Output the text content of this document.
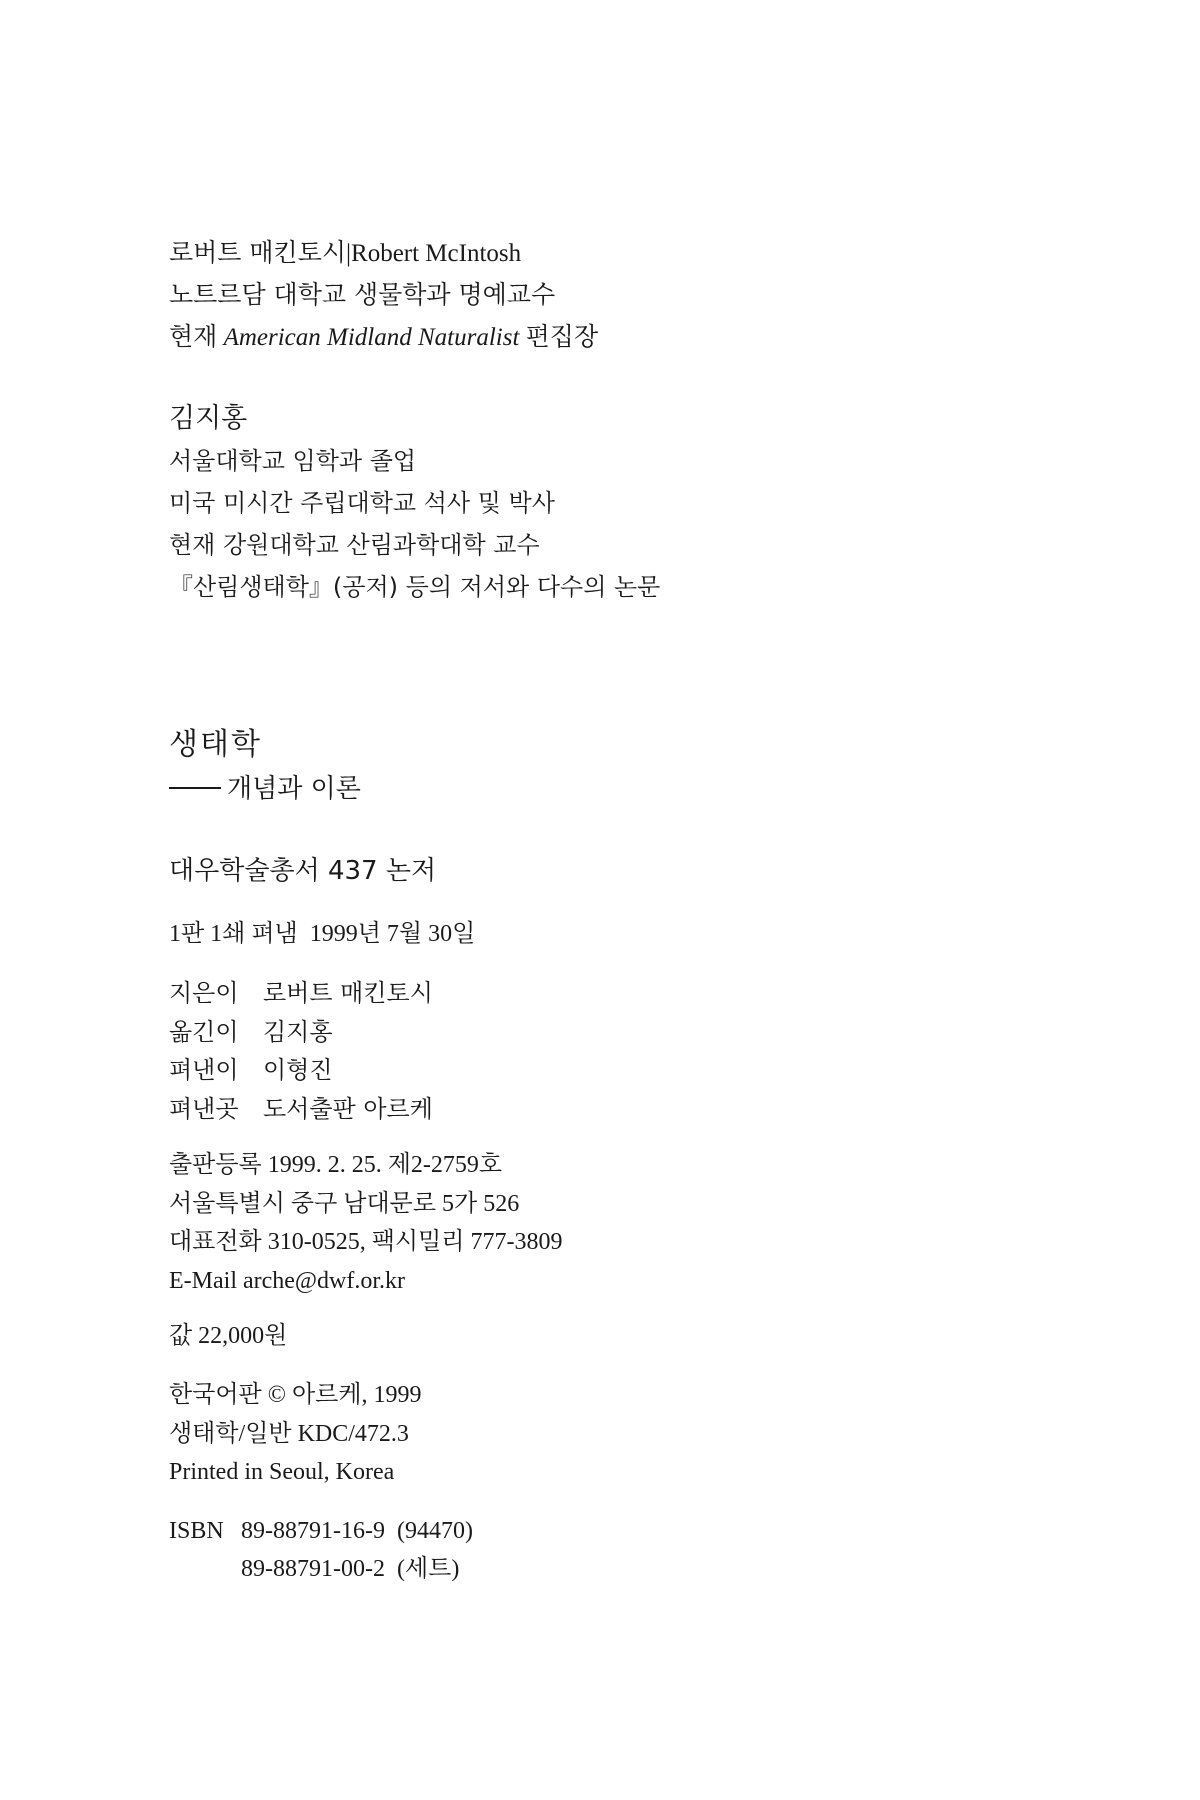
로버트 매킨토시|Robert McIntosh
노트르담 대학교 생물학과 명예교수
현재 American Midland Naturalist 편집장
김지홍
서울대학교 임학과 졸업
미국 미시간 주립대학교 석사 및 박사
현재 강원대학교 산림과학대학 교수
『산림생태학』(공저) 등의 저서와 다수의 논문
생태학
개념과 이론
대우학술총서 437 논저
1판 1쇄 펴냄  1999년 7월 30일
지은이 로버트 매킨토시
옮긴이 김지홍
펴낸이 이형진
펴낸곳 도서출판 아르케
출판등록 1999. 2. 25. 제2-2759호
서울특별시 중구 남대문로 5가 526
대표전화 310-0525, 팩시밀리 777-3809
E-Mail arche@dwf.or.kr
값 22,000원
한국어판 © 아르케, 1999
생태학/일반 KDC/472.3
Printed in Seoul, Korea
ISBN 89-88791-16-9  (94470)
89-88791-00-2  (세트)
